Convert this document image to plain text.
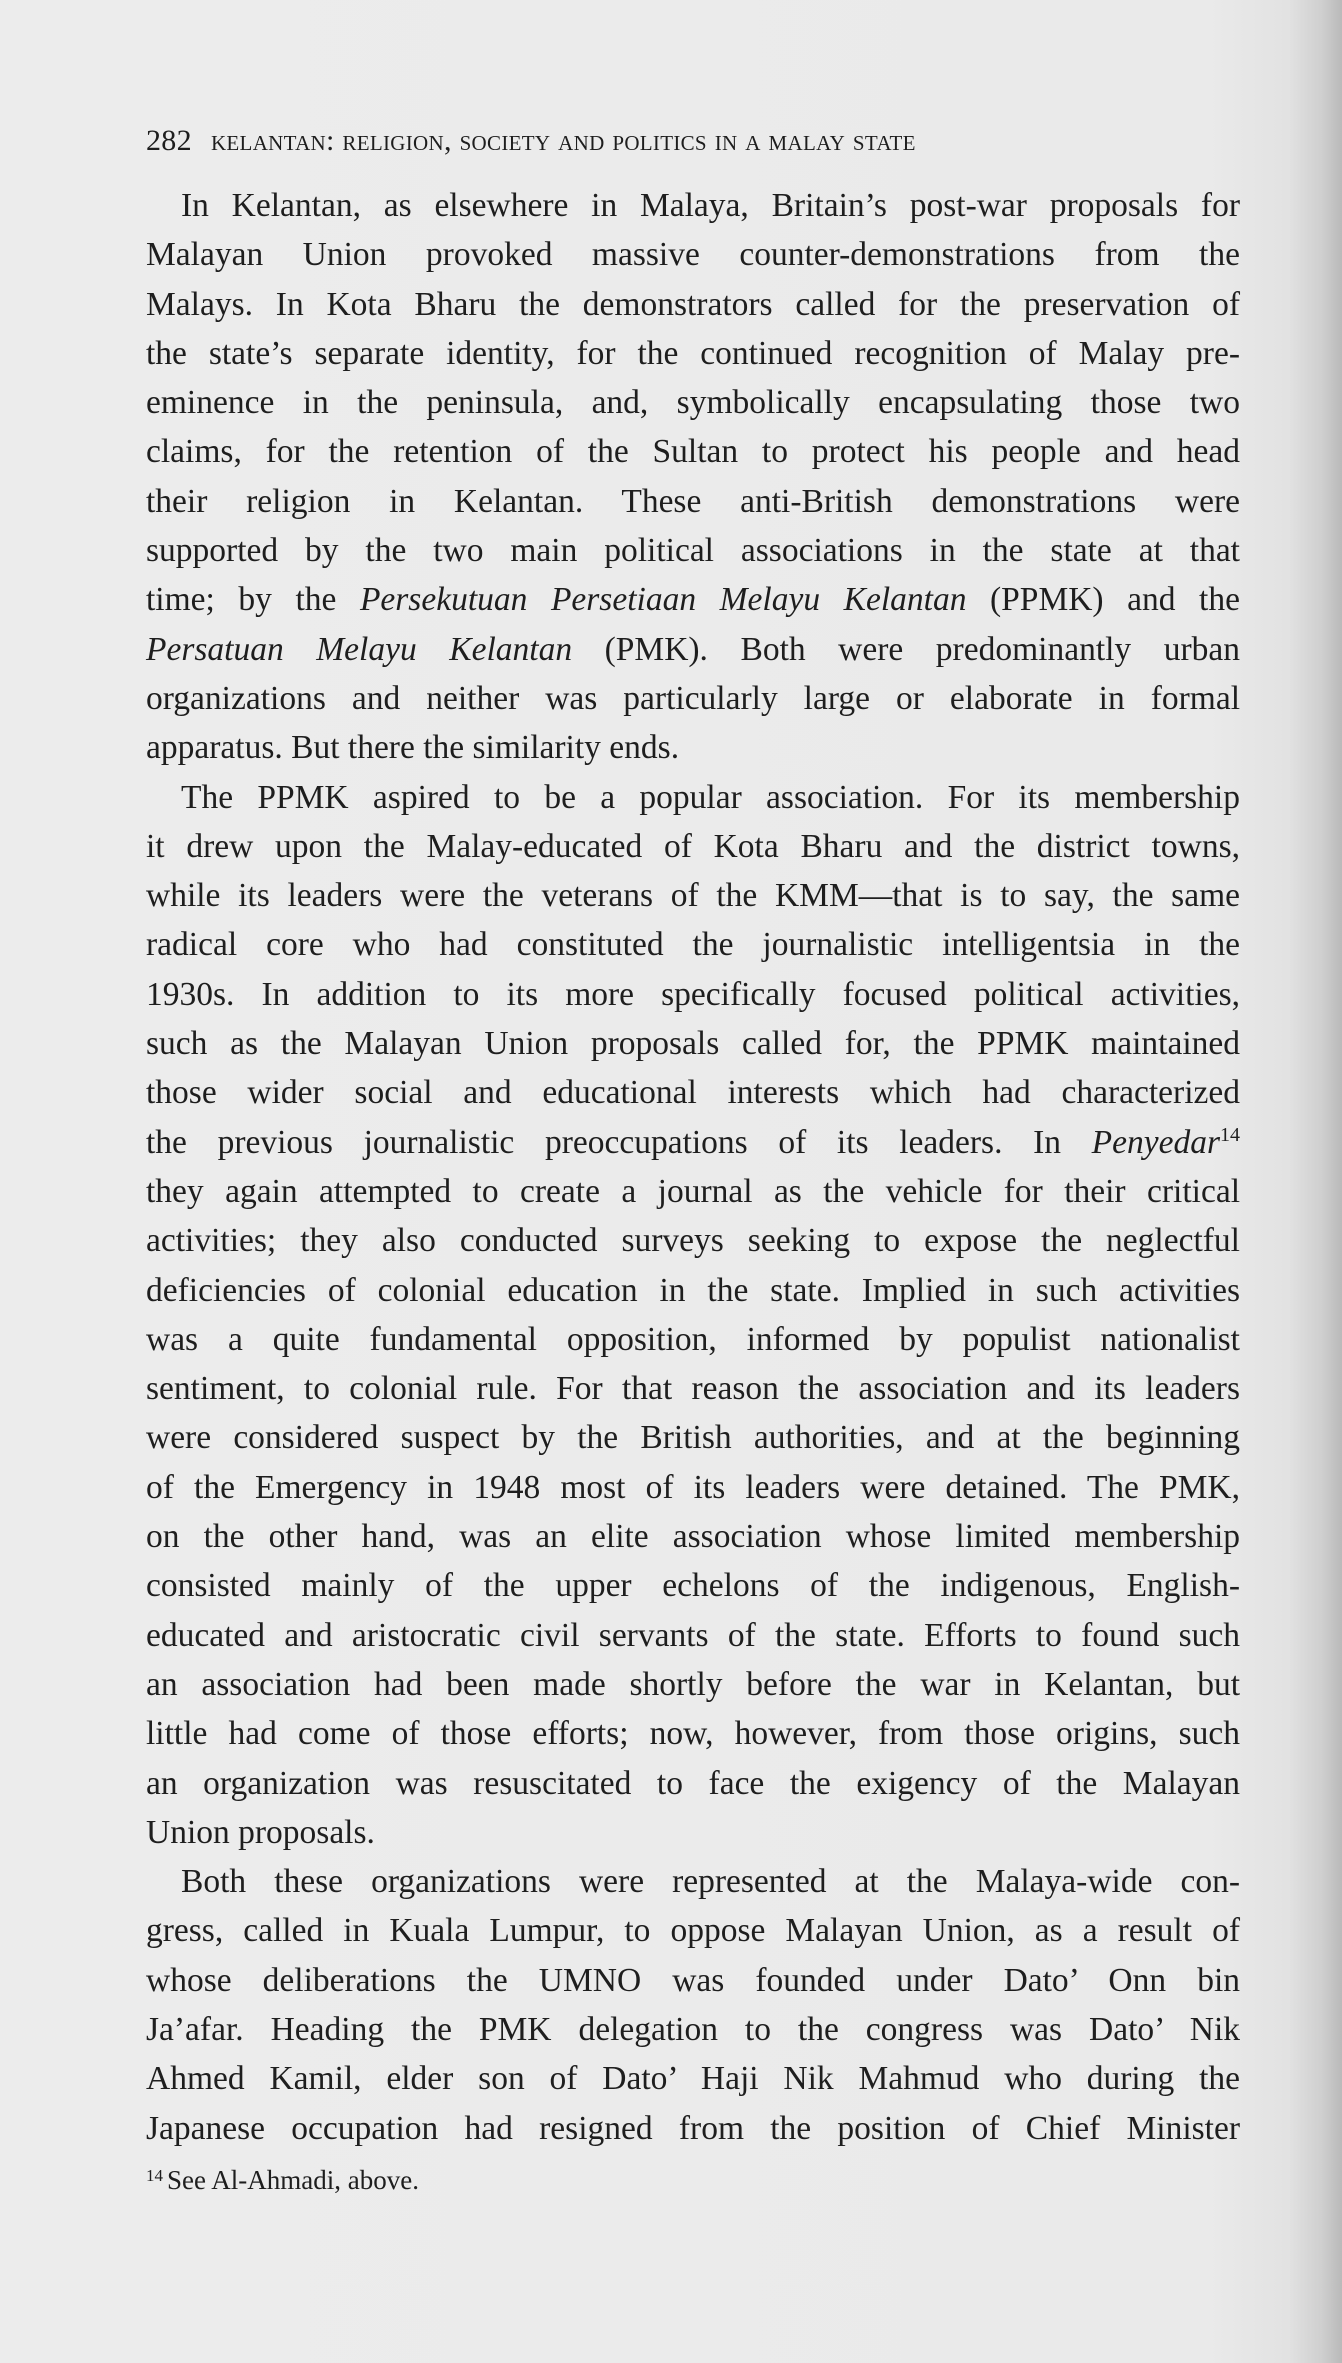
282 kelantan: religion, society and politics in a malay state
In Kelantan, as elsewhere in Malaya, Britain’s post-war proposals for
Malayan Union provoked massive counter-demonstrations from the
Malays. In Kota Bharu the demonstrators called for the preservation of
the state’s separate identity, for the continued recognition of Malay pre-
eminence in the peninsula, and, symbolically encapsulating those two
claims, for the retention of the Sultan to protect his people and head
their religion in Kelantan. These anti-British demonstrations were
supported by the two main political associations in the state at that
time; by the Persekutuan Persetiaan Melayu Kelantan (PPMK) and the
Persatuan Melayu Kelantan (PMK). Both were predominantly urban
organizations and neither was particularly large or elaborate in formal
apparatus. But there the similarity ends.
The PPMK aspired to be a popular association. For its membership
it drew upon the Malay-educated of Kota Bharu and the district towns,
while its leaders were the veterans of the KMM—that is to say, the same
radical core who had constituted the journalistic intelligentsia in the
1930s. In addition to its more specifically focused political activities,
such as the Malayan Union proposals called for, the PPMK maintained
those wider social and educational interests which had characterized
the previous journalistic preoccupations of its leaders. In Penyedar$^{14}$
they again attempted to create a journal as the vehicle for their critical
activities; they also conducted surveys seeking to expose the neglectful
deficiencies of colonial education in the state. Implied in such activities
was a quite fundamental opposition, informed by populist nationalist
sentiment, to colonial rule. For that reason the association and its leaders
were considered suspect by the British authorities, and at the beginning
of the Emergency in 1948 most of its leaders were detained. The PMK,
on the other hand, was an elite association whose limited membership
consisted mainly of the upper echelons of the indigenous, English-
educated and aristocratic civil servants of the state. Efforts to found such
an association had been made shortly before the war in Kelantan, but
little had come of those efforts; now, however, from those origins, such
an organization was resuscitated to face the exigency of the Malayan
Union proposals.
Both these organizations were represented at the Malaya-wide con-
gress, called in Kuala Lumpur, to oppose Malayan Union, as a result of
whose deliberations the UMNO was founded under Dato’ Onn bin
Ja’afar. Heading the PMK delegation to the congress was Dato’ Nik
Ahmed Kamil, elder son of Dato’ Haji Nik Mahmud who during the
Japanese occupation had resigned from the position of Chief Minister
$^{14}$ See Al-Ahmadi, above.
